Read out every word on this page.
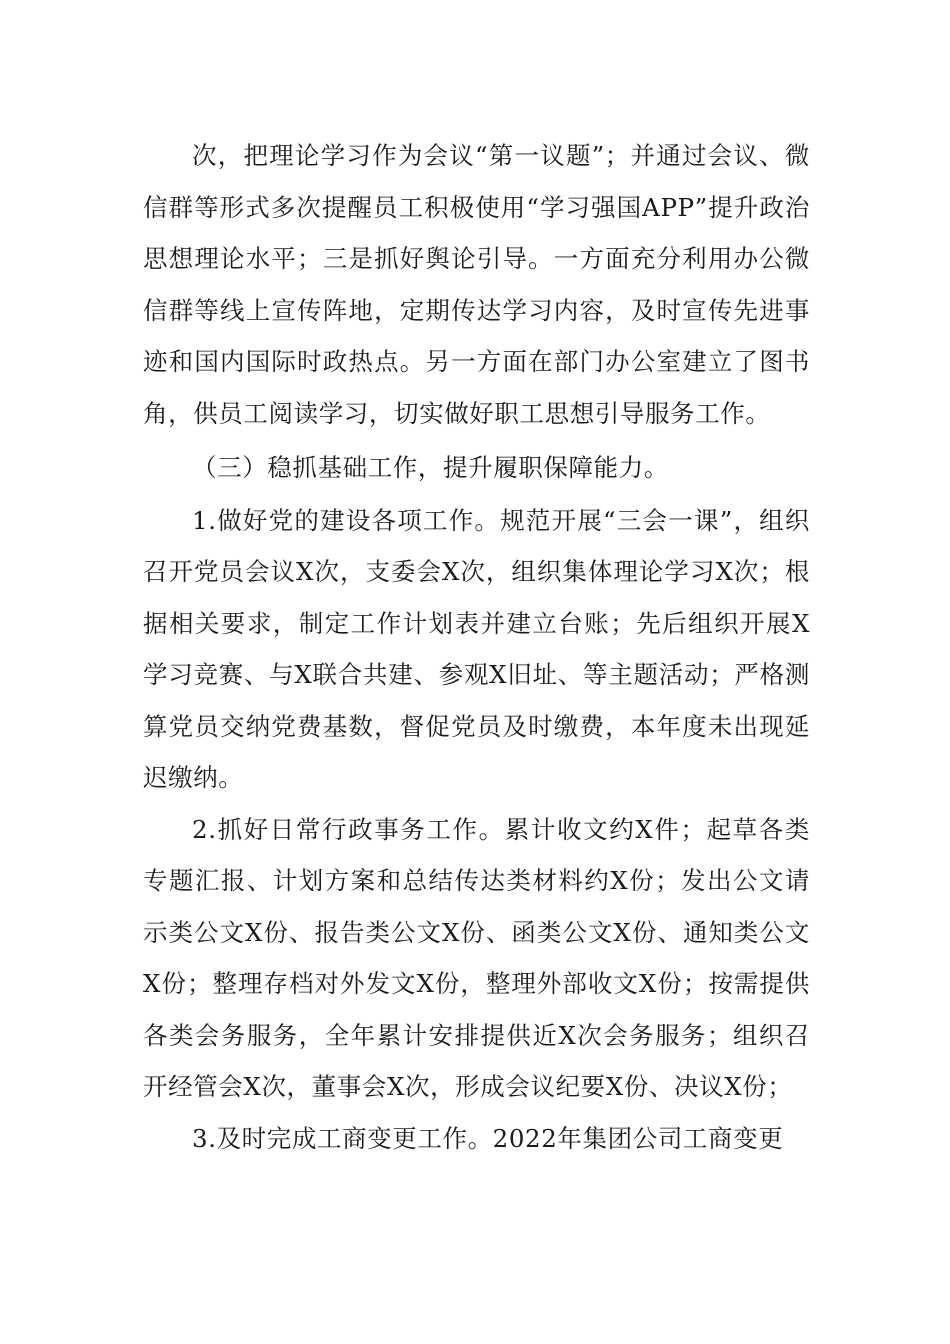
次，把理论学习作为会议“第一议题”；并通过会议、微信群等形式多次提醒员工积极使用“学习强国APP”提升政治思想理论水平；三是抓好舆论引导。一方面充分利用办公微信群等线上宣传阵地，定期传达学习内容，及时宣传先进事迹和国内国际时政热点。另一方面在部门办公室建立了图书角，供员工阅读学习，切实做好职工思想引导服务工作。

（三）稳抓基础工作，提升履职保障能力。

1.做好党的建设各项工作。规范开展“三会一课”，组织召开党员会议X次，支委会X次，组织集体理论学习X次；根据相关要求，制定工作计划表并建立台账；先后组织开展X学习竞赛、与X联合共建、参观X旧址、等主题活动；严格测算党员交纳党费基数，督促党员及时缴费，本年度未出现延迟缴纳。

2.抓好日常行政事务工作。累计收文约X件；起草各类专题汇报、计划方案和总结传达类材料约X份；发出公文请示类公文X份、报告类公文X份、函类公文X份、通知类公文X份；整理存档对外发文X份，整理外部收文X份；按需提供各类会务服务，全年累计安排提供近X次会务服务；组织召开经管会X次，董事会X次，形成会议纪要X份、决议X份；

3.及时完成工商变更工作。2022年集团公司工商变更
